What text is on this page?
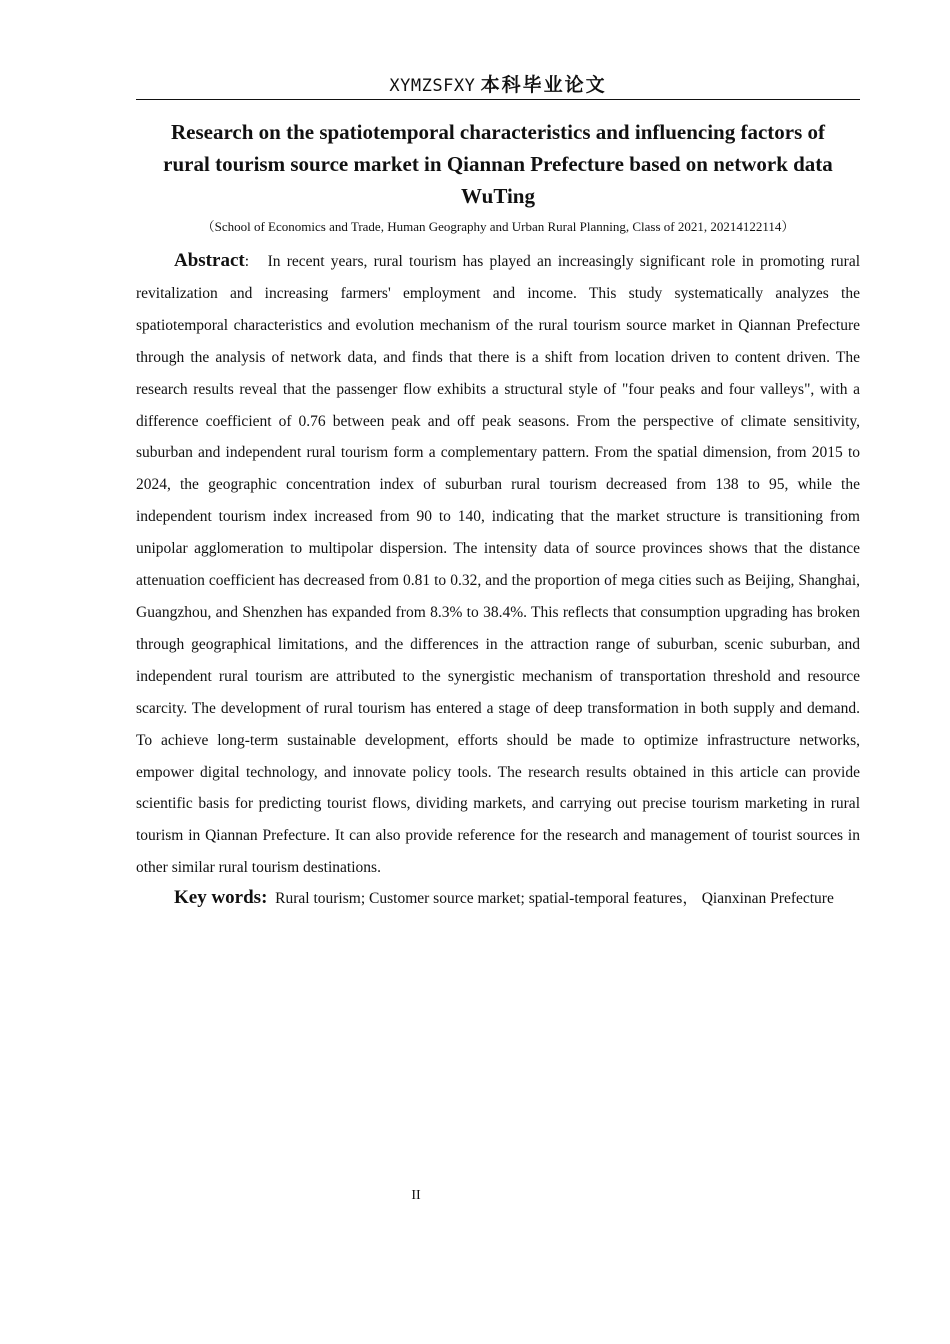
XYMZSFXY 本科毕业论文
Research on the spatiotemporal characteristics and influencing factors of
rural tourism source market in Qiannan Prefecture based on network data
WuTing
（School of Economics and Trade, Human Geography and Urban Rural Planning, Class of 2021, 20214122114）

Abstract: In recent years, rural tourism has played an increasingly significant role in promoting rural revitalization and increasing farmers' employment and income. This study systematically analyzes the spatiotemporal characteristics and evolution mechanism of the rural tourism source market in Qiannan Prefecture through the analysis of network data, and finds that there is a shift from location driven to content driven. The research results reveal that the passenger flow exhibits a structural style of "four peaks and four valleys", with a difference coefficient of 0.76 between peak and off peak seasons. From the perspective of climate sensitivity, suburban and independent rural tourism form a complementary pattern. From the spatial dimension, from 2015 to 2024, the geographic concentration index of suburban rural tourism decreased from 138 to 95, while the independent tourism index increased from 90 to 140, indicating that the market structure is transitioning from unipolar agglomeration to multipolar dispersion. The intensity data of source provinces shows that the distance attenuation coefficient has decreased from 0.81 to 0.32, and the proportion of mega cities such as Beijing, Shanghai, Guangzhou, and Shenzhen has expanded from 8.3% to 38.4%. This reflects that consumption upgrading has broken through geographical limitations, and the differences in the attraction range of suburban, scenic suburban, and independent rural tourism are attributed to the synergistic mechanism of transportation threshold and resource scarcity. The development of rural tourism has entered a stage of deep transformation in both supply and demand. To achieve long-term sustainable development, efforts should be made to optimize infrastructure networks, empower digital technology, and innovate policy tools. The research results obtained in this article can provide scientific basis for predicting tourist flows, dividing markets, and carrying out precise tourism marketing in rural tourism in Qiannan Prefecture. It can also provide reference for the research and management of tourist sources in other similar rural tourism destinations.

Key words: Rural tourism; Customer source market; spatial-temporal features， Qianxinan Prefecture

II
